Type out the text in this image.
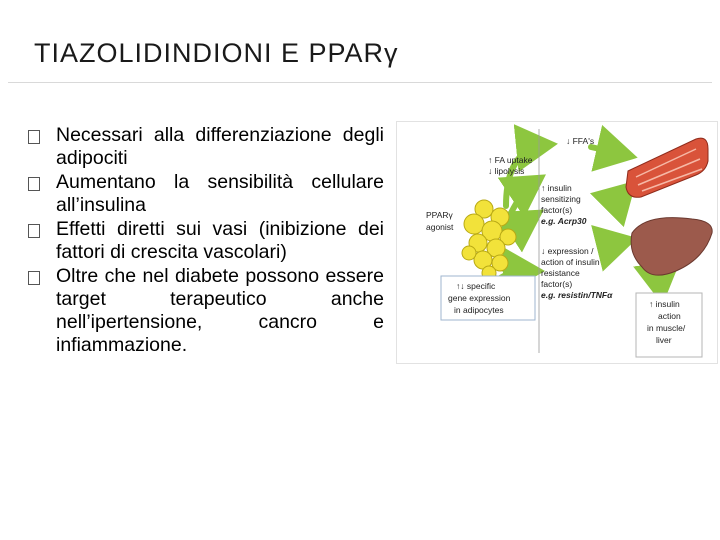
TIAZOLIDINDIONI E PPARγ
Necessari alla differenziazione degli adipociti
Aumentano la sensibilità cellulare all’insulina
Effetti diretti sui vasi (inibizione dei fattori di crescita vascolari)
Oltre che nel diabete possono essere target terapeutico anche nell’ipertensione, cancro e infiammazione.
↓ FFA's
↑ FA uptake
↓ lipolysis
↑ insulin
sensitizing
factor(s)
e.g. Acrp30
PPARγ
agonist
↓ expression /
action of insulin
resistance
factor(s)
e.g. resistin/TNFα
↑↓ specific
gene expression
in adipocytes
↑ insulin
action
in muscle/
liver
